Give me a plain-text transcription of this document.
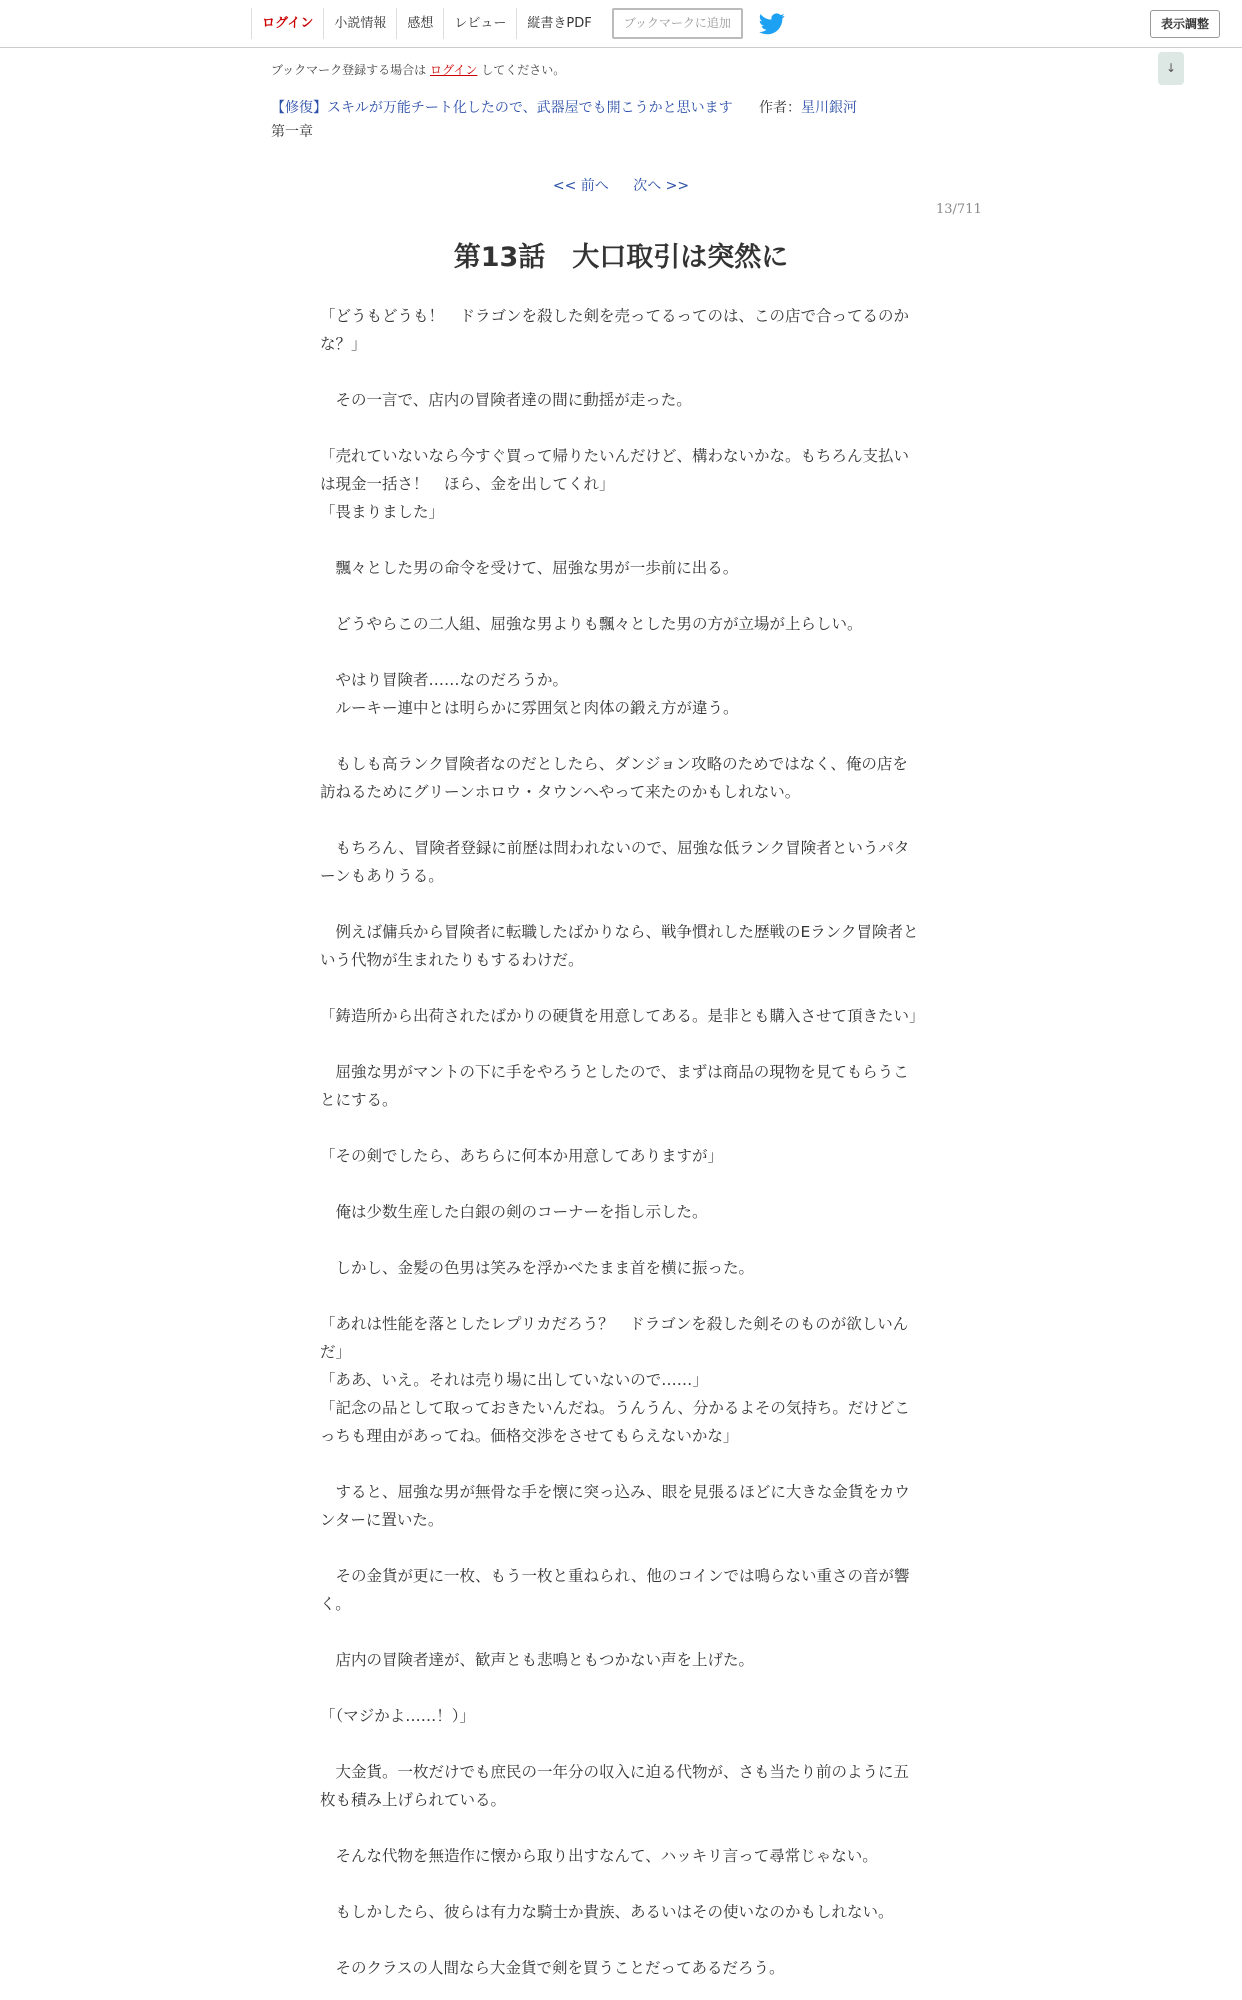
ログイン	小説情報	感想	レビュー	縦書きPDF	ブックマークに追加	表示調整
↓
ブックマーク登録する場合は ログイン してください。
【修復】スキルが万能チート化したので、武器屋でも開こうかと思います 作者：星川銀河
第一章
<< 前へ 次へ >>
13/711
第13話　大口取引は突然に

「どうもどうも！　ドラゴンを殺した剣を売ってるってのは、この店で合ってるのかな？」

　その一言で、店内の冒険者達の間に動揺が走った。

「売れていないなら今すぐ買って帰りたいんだけど、構わないかな。もちろん支払いは現金一括さ！　ほら、金を出してくれ」

「畏まりました」

　飄々とした男の命令を受けて、屈強な男が一歩前に出る。

　どうやらこの二人組、屈強な男よりも飄々とした男の方が立場が上らしい。

　やはり冒険者……なのだろうか。

　ルーキー連中とは明らかに雰囲気と肉体の鍛え方が違う。

　もしも高ランク冒険者なのだとしたら、ダンジョン攻略のためではなく、俺の店を訪ねるためにグリーンホロウ・タウンへやって来たのかもしれない。

　もちろん、冒険者登録に前歴は問われないので、屈強な低ランク冒険者というパターンもありうる。

　例えば傭兵から冒険者に転職したばかりなら、戦争慣れした歴戦のEランク冒険者という代物が生まれたりもするわけだ。

「鋳造所から出荷されたばかりの硬貨を用意してある。是非とも購入させて頂きたい」

　屈強な男がマントの下に手をやろうとしたので、まずは商品の現物を見てもらうことにする。

「その剣でしたら、あちらに何本か用意してありますが」

　俺は少数生産した白銀の剣のコーナーを指し示した。

　しかし、金髪の色男は笑みを浮かべたまま首を横に振った。

「あれは性能を落としたレプリカだろう？　ドラゴンを殺した剣そのものが欲しいんだ」

「ああ、いえ。それは売り場に出していないので……」

「記念の品として取っておきたいんだね。うんうん、分かるよその気持ち。だけどこっちも理由があってね。価格交渉をさせてもらえないかな」

　すると、屈強な男が無骨な手を懐に突っ込み、眼を見張るほどに大きな金貨をカウンターに置いた。

　その金貨が更に一枚、もう一枚と重ねられ、他のコインでは鳴らない重さの音が響く。

　店内の冒険者達が、歓声とも悲鳴ともつかない声を上げた。

「（マジかよ……！）」

　大金貨。一枚だけでも庶民の一年分の収入に迫る代物が、さも当たり前のように五枚も積み上げられている。

　そんな代物を無造作に懐から取り出すなんて、ハッキリ言って尋常じゃない。

　もしかしたら、彼らは有力な騎士か貴族、あるいはその使いなのかもしれない。

　そのクラスの人間なら大金貨で剣を買うことだってあるだろう。
